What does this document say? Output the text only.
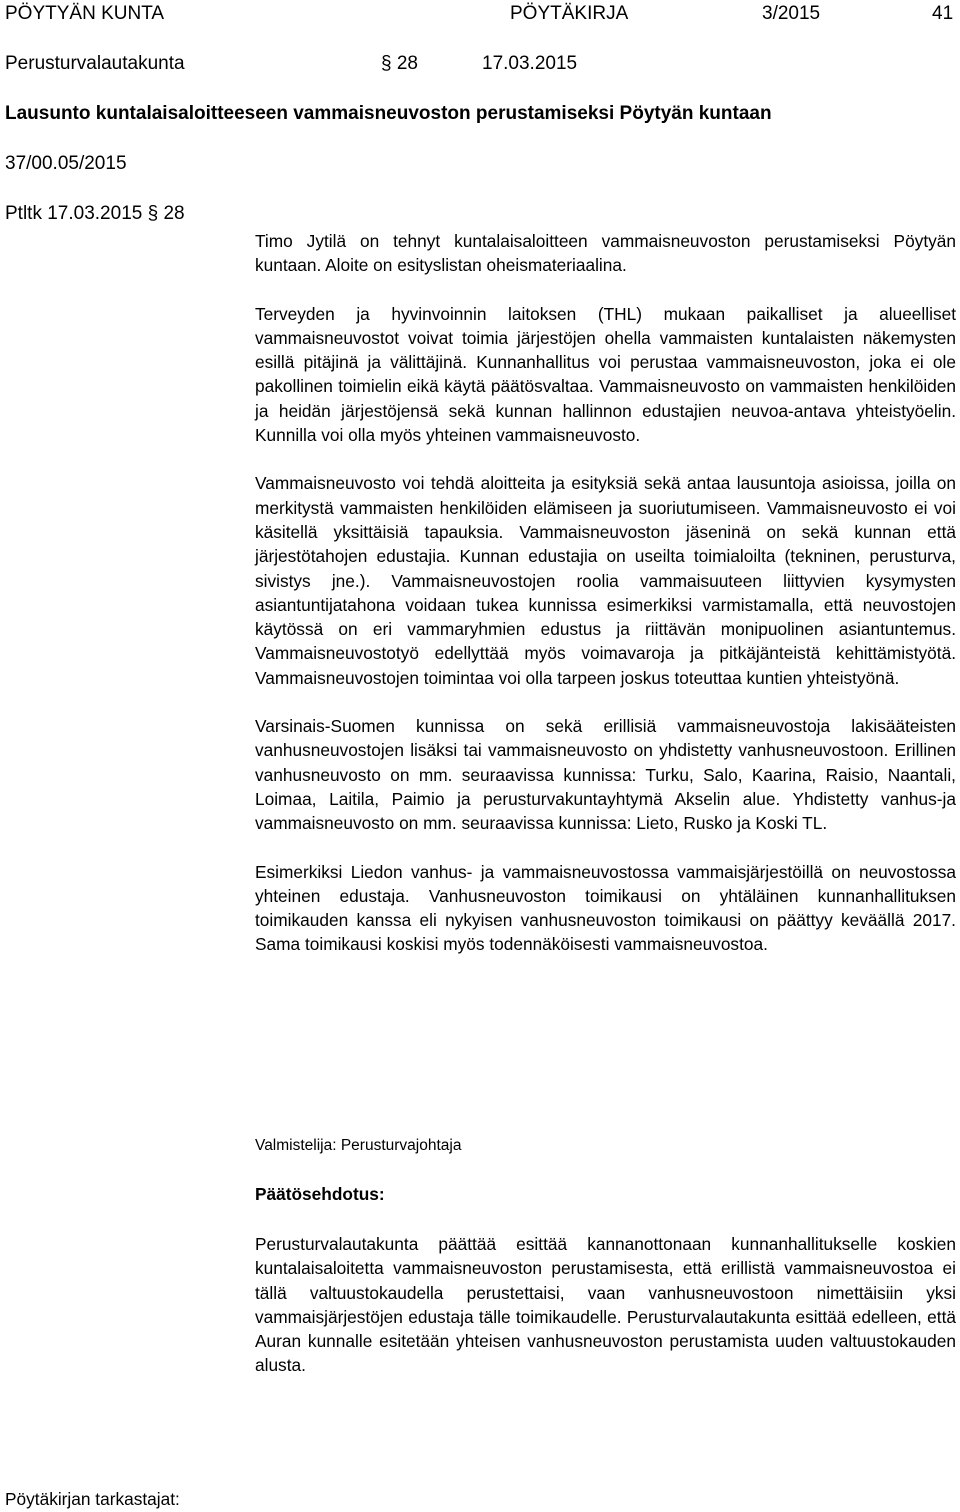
PÖYTYÄN KUNTA	PÖYTÄKIRJA	3/2015	41
Perusturvalautakunta	§ 28	17.03.2015
Lausunto kuntalaisaloitteeseen vammaisneuvoston perustamiseksi Pöytyän kuntaan
37/00.05/2015
Ptltk 17.03.2015 § 28

Timo Jytilä on tehnyt kuntalaisaloitteen vammaisneuvoston perustamiseksi Pöytyän kuntaan. Aloite on esityslistan oheismateriaalina.

Terveyden ja hyvinvoinnin laitoksen (THL) mukaan paikalliset ja alueelliset vammaisneuvostot voivat toimia järjestöjen ohella vammaisten kuntalaisten näkemysten esillä pitäjinä ja välittäjinä. Kunnanhallitus voi perustaa vammaisneuvoston, joka ei ole pakollinen toimielin eikä käytä päätösvaltaa. Vammaisneuvosto on vammaisten henkilöiden ja heidän järjestöjensä sekä kunnan hallinnon edustajien neuvoa-antava yhteistyöelin. Kunnilla voi olla myös yhteinen vammaisneuvosto.

Vammaisneuvosto voi tehdä aloitteita ja esityksiä sekä antaa lausuntoja asioissa, joilla on merkitystä vammaisten henkilöiden elämiseen ja suoriutumiseen. Vammaisneuvosto ei voi käsitellä yksittäisiä tapauksia. Vammaisneuvoston jäseninä on sekä kunnan että järjestötahojen edustajia. Kunnan edustajia on useilta toimialoilta (tekninen, perusturva, sivistys jne.). Vammaisneuvostojen roolia vammaisuuteen liittyvien kysymysten asiantuntijatahona voidaan tukea kunnissa esimerkiksi varmistamalla, että neuvostojen käytössä on eri vammaryhmien edustus ja riittävän monipuolinen asiantuntemus. Vammaisneuvostotyö edellyttää myös voimavaroja ja pitkäjänteistä kehittämistyötä. Vammaisneuvostojen toimintaa voi olla tarpeen joskus toteuttaa kuntien yhteistyönä.

Varsinais-Suomen kunnissa on sekä erillisiä vammaisneuvostoja lakisääteisten vanhusneuvostojen lisäksi tai vammaisneuvosto on yhdistetty vanhusneuvostoon. Erillinen vanhusneuvosto on mm. seuraavissa kunnissa: Turku, Salo, Kaarina, Raisio, Naantali, Loimaa, Laitila, Paimio ja perusturvakuntayhtymä Akselin alue. Yhdistetty vanhus-ja vammaisneuvosto on mm. seuraavissa kunnissa: Lieto, Rusko ja Koski TL.

Esimerkiksi Liedon vanhus- ja vammaisneuvostossa vammaisjärjestöillä on neuvostossa yhteinen edustaja. Vanhusneuvoston toimikausi on yhtäläinen kunnanhallituksen toimikauden kanssa eli nykyisen vanhusneuvoston toimikausi on päättyy keväällä 2017. Sama toimikausi koskisi myös todennäköisesti vammaisneuvostoa.

Valmistelija: Perusturvajohtaja
Päätösehdotus:

Perusturvalautakunta päättää esittää kannanottonaan kunnanhallitukselle koskien kuntalaisaloitetta vammaisneuvoston perustamisesta, että erillistä vammaisneuvostoa ei tällä valtuustokaudella perustettaisi, vaan vanhusneuvostoon nimettäisiin yksi vammaisjärjestöjen edustaja tälle toimikaudelle. Perusturvalautakunta esittää edelleen, että Auran kunnalle esitetään yhteisen vanhusneuvoston perustamista uuden valtuustokauden alusta.

Pöytäkirjan tarkastajat:
